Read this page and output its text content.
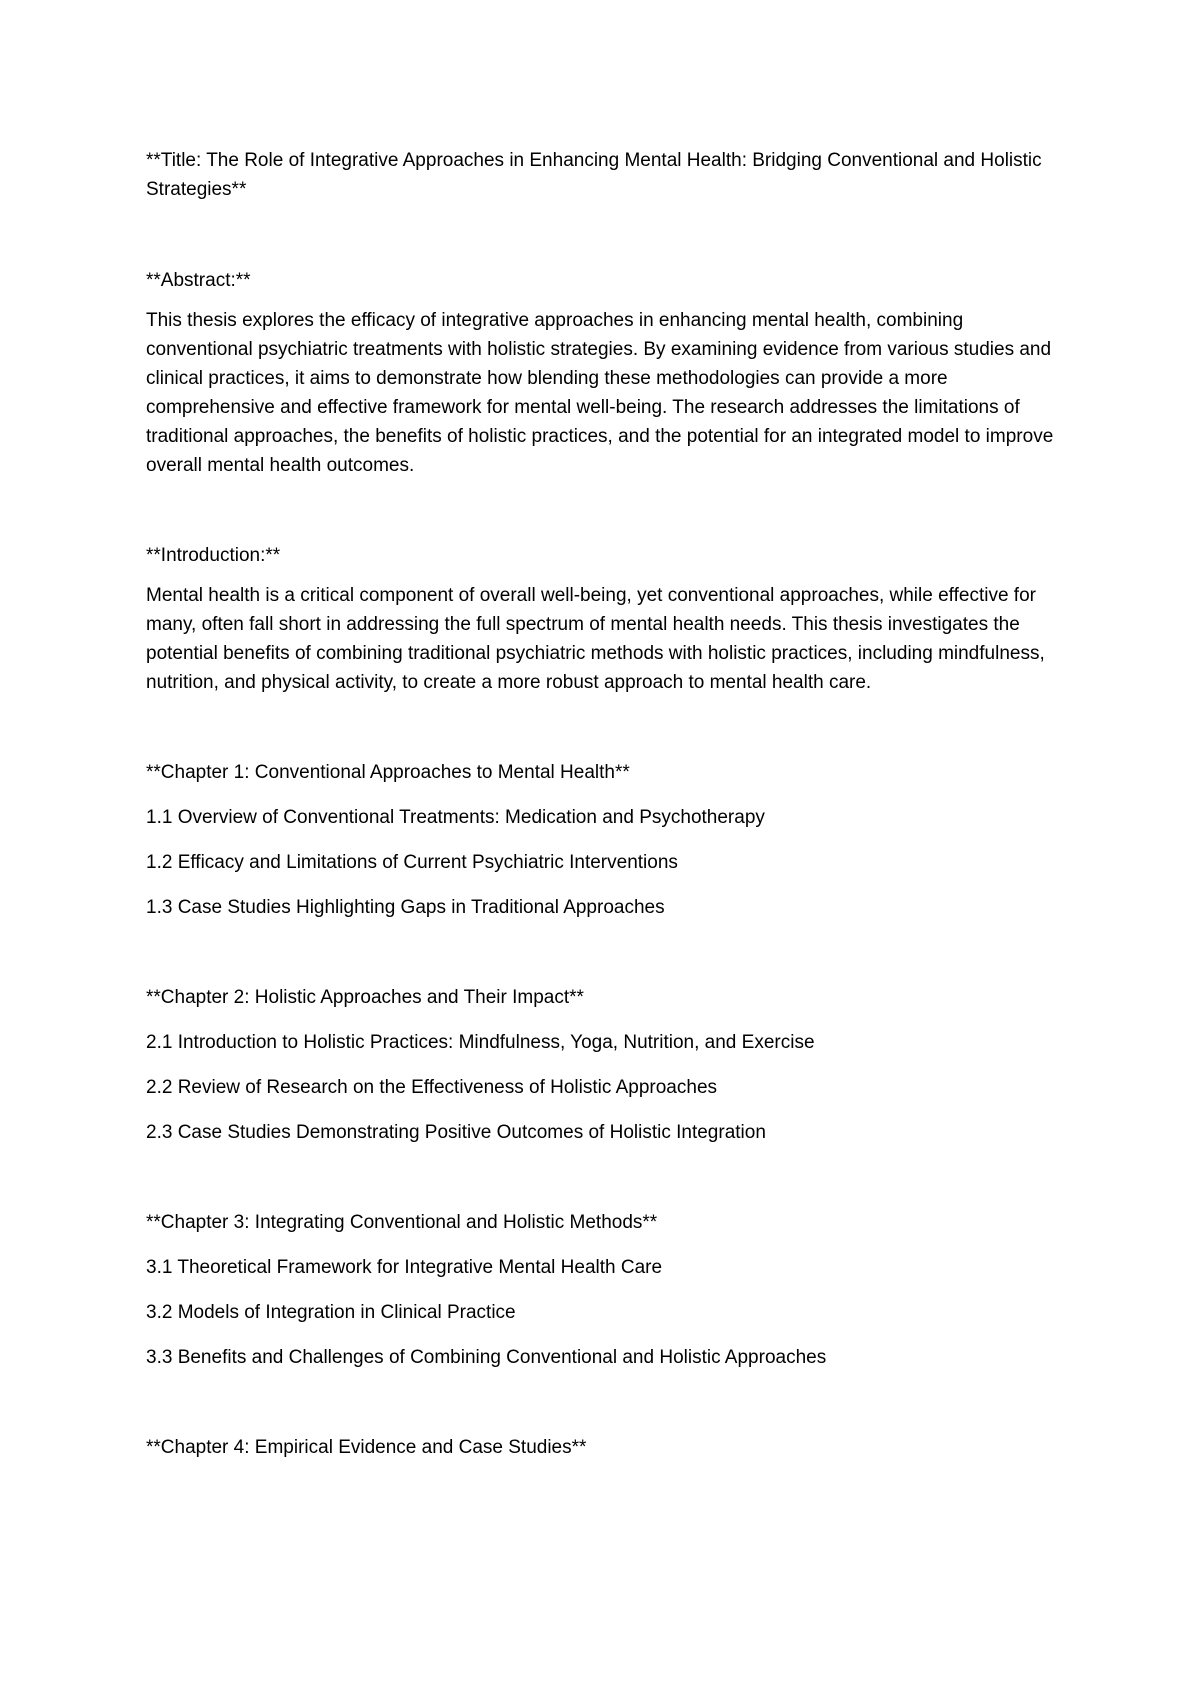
**Title: The Role of Integrative Approaches in Enhancing Mental Health: Bridging Conventional and Holistic Strategies**

**Abstract:**

This thesis explores the efficacy of integrative approaches in enhancing mental health, combining conventional psychiatric treatments with holistic strategies. By examining evidence from various studies and clinical practices, it aims to demonstrate how blending these methodologies can provide a more comprehensive and effective framework for mental well-being. The research addresses the limitations of traditional approaches, the benefits of holistic practices, and the potential for an integrated model to improve overall mental health outcomes.

**Introduction:**

Mental health is a critical component of overall well-being, yet conventional approaches, while effective for many, often fall short in addressing the full spectrum of mental health needs. This thesis investigates the potential benefits of combining traditional psychiatric methods with holistic practices, including mindfulness, nutrition, and physical activity, to create a more robust approach to mental health care.

**Chapter 1: Conventional Approaches to Mental Health**

1.1 Overview of Conventional Treatments: Medication and Psychotherapy

1.2 Efficacy and Limitations of Current Psychiatric Interventions

1.3 Case Studies Highlighting Gaps in Traditional Approaches

**Chapter 2: Holistic Approaches and Their Impact**

2.1 Introduction to Holistic Practices: Mindfulness, Yoga, Nutrition, and Exercise

2.2 Review of Research on the Effectiveness of Holistic Approaches

2.3 Case Studies Demonstrating Positive Outcomes of Holistic Integration

**Chapter 3: Integrating Conventional and Holistic Methods**

3.1 Theoretical Framework for Integrative Mental Health Care

3.2 Models of Integration in Clinical Practice

3.3 Benefits and Challenges of Combining Conventional and Holistic Approaches

**Chapter 4: Empirical Evidence and Case Studies**
